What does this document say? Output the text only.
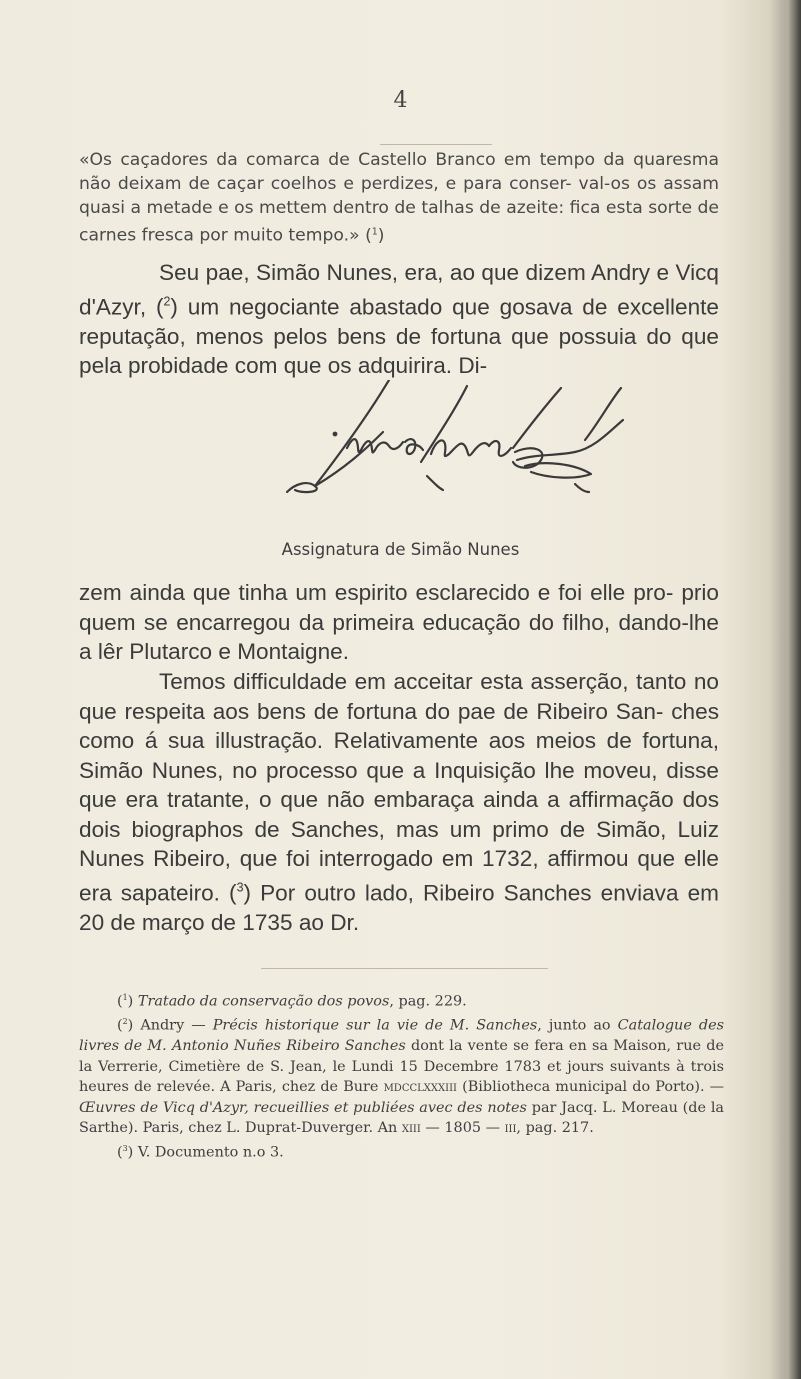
4

«Os caçadores da comarca de Castello Branco em tempo da quaresma não deixam de caçar coelhos e perdizes, e para conser- val-os os assam quasi a metade e os mettem dentro de talhas de azeite: fica esta sorte de carnes fresca por muito tempo.» ($^1$)

Seu pae, Simão Nunes, era, ao que dizem Andry e Vicq d'Azyr, ($^2$) um negociante abastado que gosava de excellente reputação, menos pelos bens de fortuna que possuia do que pela probidade com que os adquirira. Di-

Assignatura de Simão Nunes

zem ainda que tinha um espirito esclarecido e foi elle pro- prio quem se encarregou da primeira educação do filho, dando-lhe a lêr Plutarco e Montaigne.

Temos difficuldade em acceitar esta asserção, tanto no que respeita aos bens de fortuna do pae de Ribeiro San- ches como á sua illustração. Relativamente aos meios de fortuna, Simão Nunes, no processo que a Inquisição lhe moveu, disse que era tratante, o que não embaraça ainda a affirmação dos dois biographos de Sanches, mas um primo de Simão, Luiz Nunes Ribeiro, que foi interrogado em 1732, affirmou que elle era sapateiro. ($^3$) Por outro lado, Ribeiro Sanches enviava em 20 de março de 1735 ao Dr.

($^1$) Tratado da conservação dos povos, pag. 229.

($^2$) Andry — Précis historique sur la vie de M. Sanches, junto ao Catalogue des livres de M. Antonio Nuñes Ribeiro Sanches dont la vente se fera en sa Maison, rue de la Verrerie, Cimetière de S. Jean, le Lundi 15 Decembre 1783 et jours suivants à trois heures de relevée. A Paris, chez de Bure mdcclxxxiii (Bibliotheca municipal do Porto). — Œuvres de Vicq d'Azyr, recueillies et publiées avec des notes par Jacq. L. Moreau (de la Sarthe). Paris, chez L. Duprat-Duverger. An xiii — 1805 — iii, pag. 217.

($^3$) V. Documento n.o 3.
